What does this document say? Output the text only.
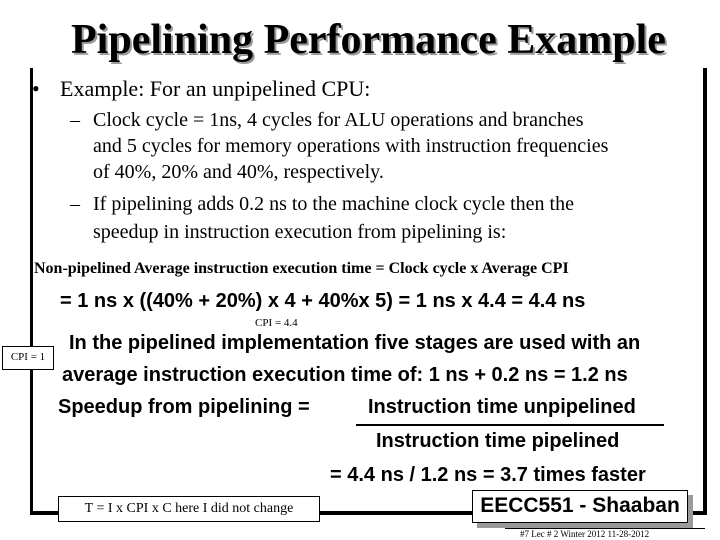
Pipelining Performance Example
• Example: For an unpipelined CPU:
– Clock cycle = 1ns, 4 cycles for ALU operations and branches
and 5 cycles for memory operations with instruction frequencies
of 40%, 20% and 40%, respectively.
– If pipelining adds 0.2 ns to the machine clock cycle then the
speedup in instruction execution from pipelining is:
Non-pipelined Average instruction execution time = Clock cycle x Average CPI
= 1 ns x ((40% + 20%) x 4 + 40%x 5) = 1 ns x 4.4 = 4.4 ns
CPI = 4.4
In the pipelined implementation five stages are used with an
average instruction execution time of: 1 ns + 0.2 ns = 1.2 ns
CPI = 1
Speedup from pipelining =	Instruction time unpipelined
Instruction time pipelined
= 4.4 ns / 1.2 ns = 3.7 times faster
T = I x CPI x C here I did not change	EECC551 - Shaaban
#7 Lec # 2 Winter 2012 11-28-2012
